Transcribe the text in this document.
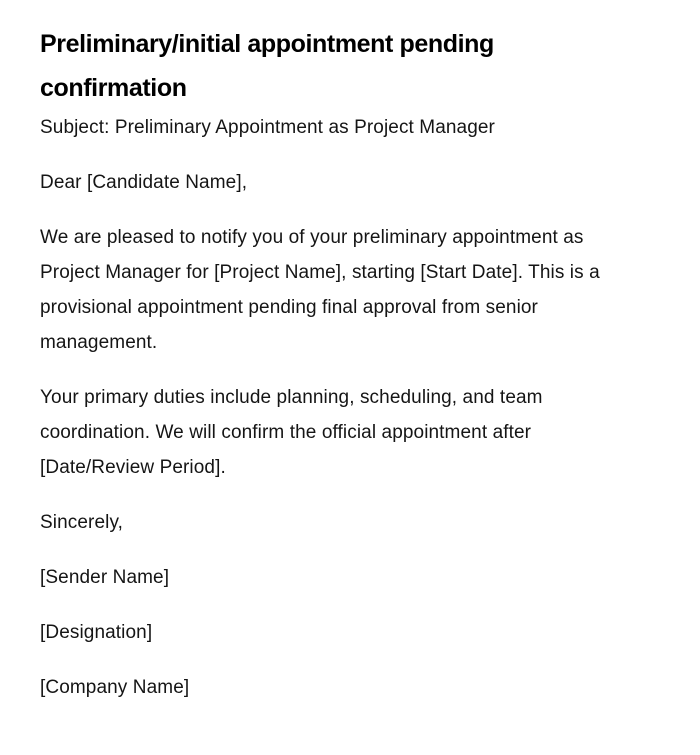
Preliminary/initial appointment pending confirmation

Subject: Preliminary Appointment as Project Manager

Dear [Candidate Name],

We are pleased to notify you of your preliminary appointment as Project Manager for [Project Name], starting [Start Date]. This is a provisional appointment pending final approval from senior management.

Your primary duties include planning, scheduling, and team coordination. We will confirm the official appointment after [Date/Review Period].

Sincerely,

[Sender Name]

[Designation]

[Company Name]
